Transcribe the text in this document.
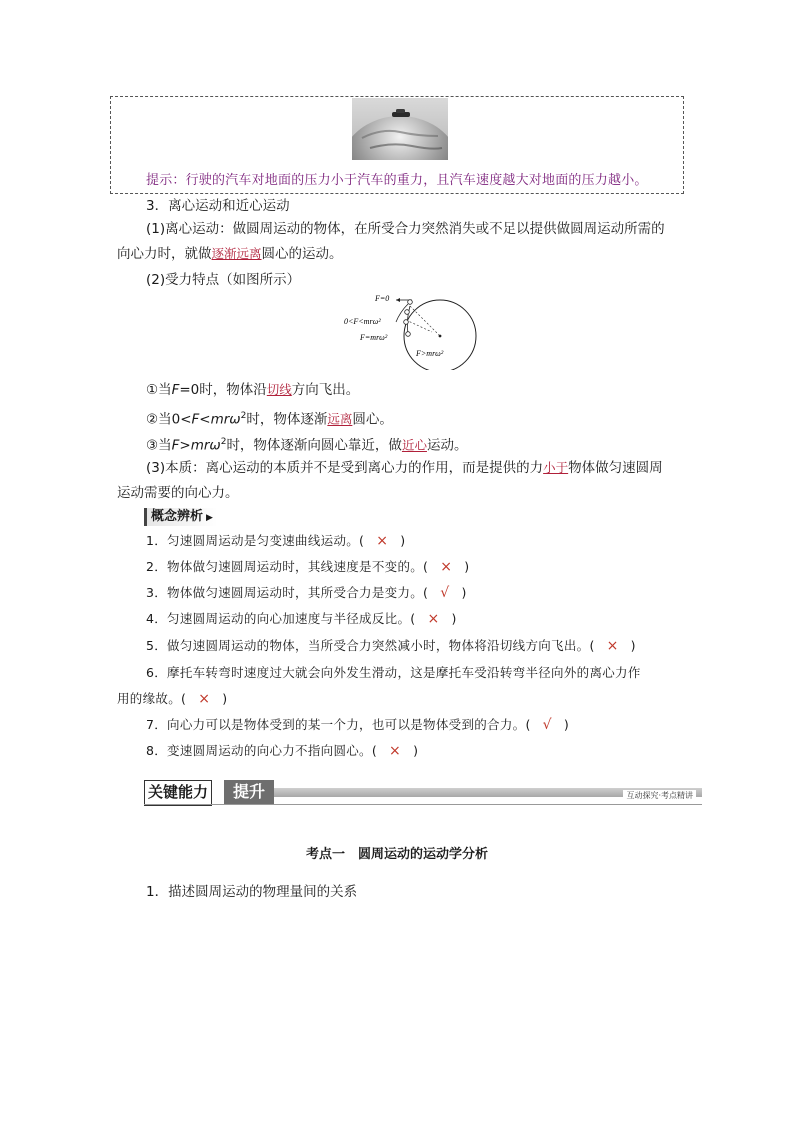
提示：行驶的汽车对地面的压力小于汽车的重力，且汽车速度越大对地面的压力越小。
3．离心运动和近心运动
(1)离心运动：做圆周运动的物体，在所受合力突然消失或不足以提供做圆周运动所需的
向心力时，就做逐渐远离圆心的运动。
(2)受力特点（如图所示）
F=0
0<F<mrω²
F=mrω²
F>mrω²
①当F=0时，物体沿切线方向飞出。
②当0<F<mrω$^2$时，物体逐渐远离圆心。
③当F>mrω$^2$时，物体逐渐向圆心靠近，做近心运动。
(3)本质：离心运动的本质并不是受到离心力的作用，而是提供的力小于物体做匀速圆周
运动需要的向心力。
概念辨析 ▶
1．匀速圆周运动是匀变速曲线运动。( × )
2．物体做匀速圆周运动时，其线速度是不变的。( × )
3．物体做匀速圆周运动时，其所受合力是变力。( √ )
4．匀速圆周运动的向心加速度与半径成反比。( × )
5．做匀速圆周运动的物体，当所受合力突然减小时，物体将沿切线方向飞出。( × )
6．摩托车转弯时速度过大就会向外发生滑动，这是摩托车受沿转弯半径向外的离心力作
用的缘故。( × )
7．向心力可以是物体受到的某一个力，也可以是物体受到的合力。( √ )
8．变速圆周运动的向心力不指向圆心。( × )
关键能力	提升	互动探究·考点精讲
考点一　圆周运动的运动学分析
1．描述圆周运动的物理量间的关系
